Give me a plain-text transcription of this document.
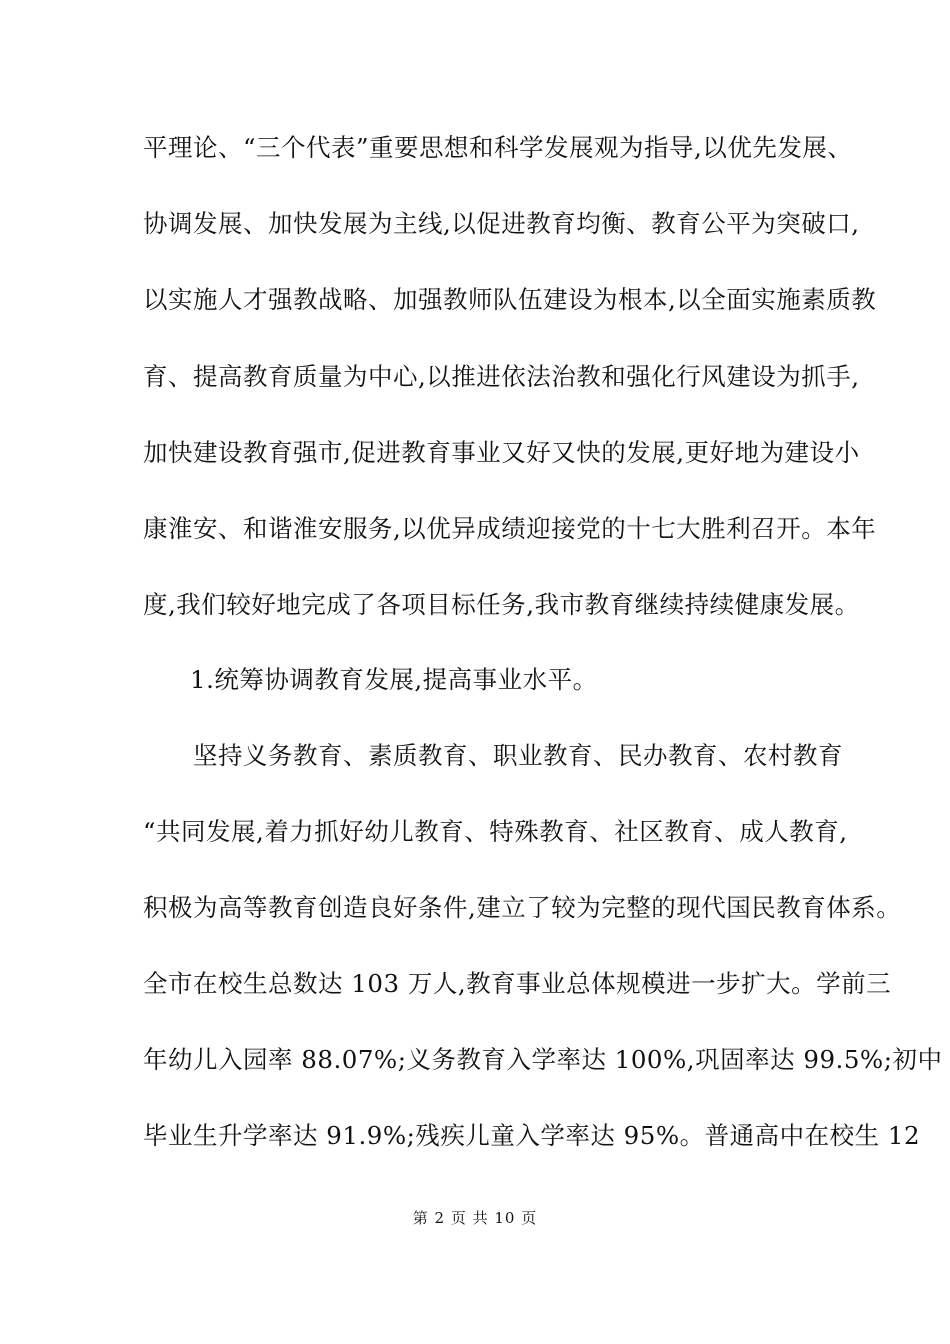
平理论、“三个代表”重要思想和科学发展观为指导,以优先发展、
协调发展、加快发展为主线,以促进教育均衡、教育公平为突破口,
以实施人才强教战略、加强教师队伍建设为根本,以全面实施素质教
育、提高教育质量为中心,以推进依法治教和强化行风建设为抓手,
加快建设教育强市,促进教育事业又好又快的发展,更好地为建设小
康淮安、和谐淮安服务,以优异成绩迎接党的十七大胜利召开。本年
度,我们较好地完成了各项目标任务,我市教育继续持续健康发展。
1.统筹协调教育发展,提高事业水平。
坚持义务教育、素质教育、职业教育、民办教育、农村教育
“共同发展,着力抓好幼儿教育、特殊教育、社区教育、成人教育,
积极为高等教育创造良好条件,建立了较为完整的现代国民教育体系。
全市在校生总数达 103 万人,教育事业总体规模进一步扩大。学前三
年幼儿入园率 88.07%;义务教育入学率达 100%,巩固率达 99.5%;初中
毕业生升学率达 91.9%;残疾儿童入学率达 95%。普通高中在校生 12
第 2 页 共 10 页
